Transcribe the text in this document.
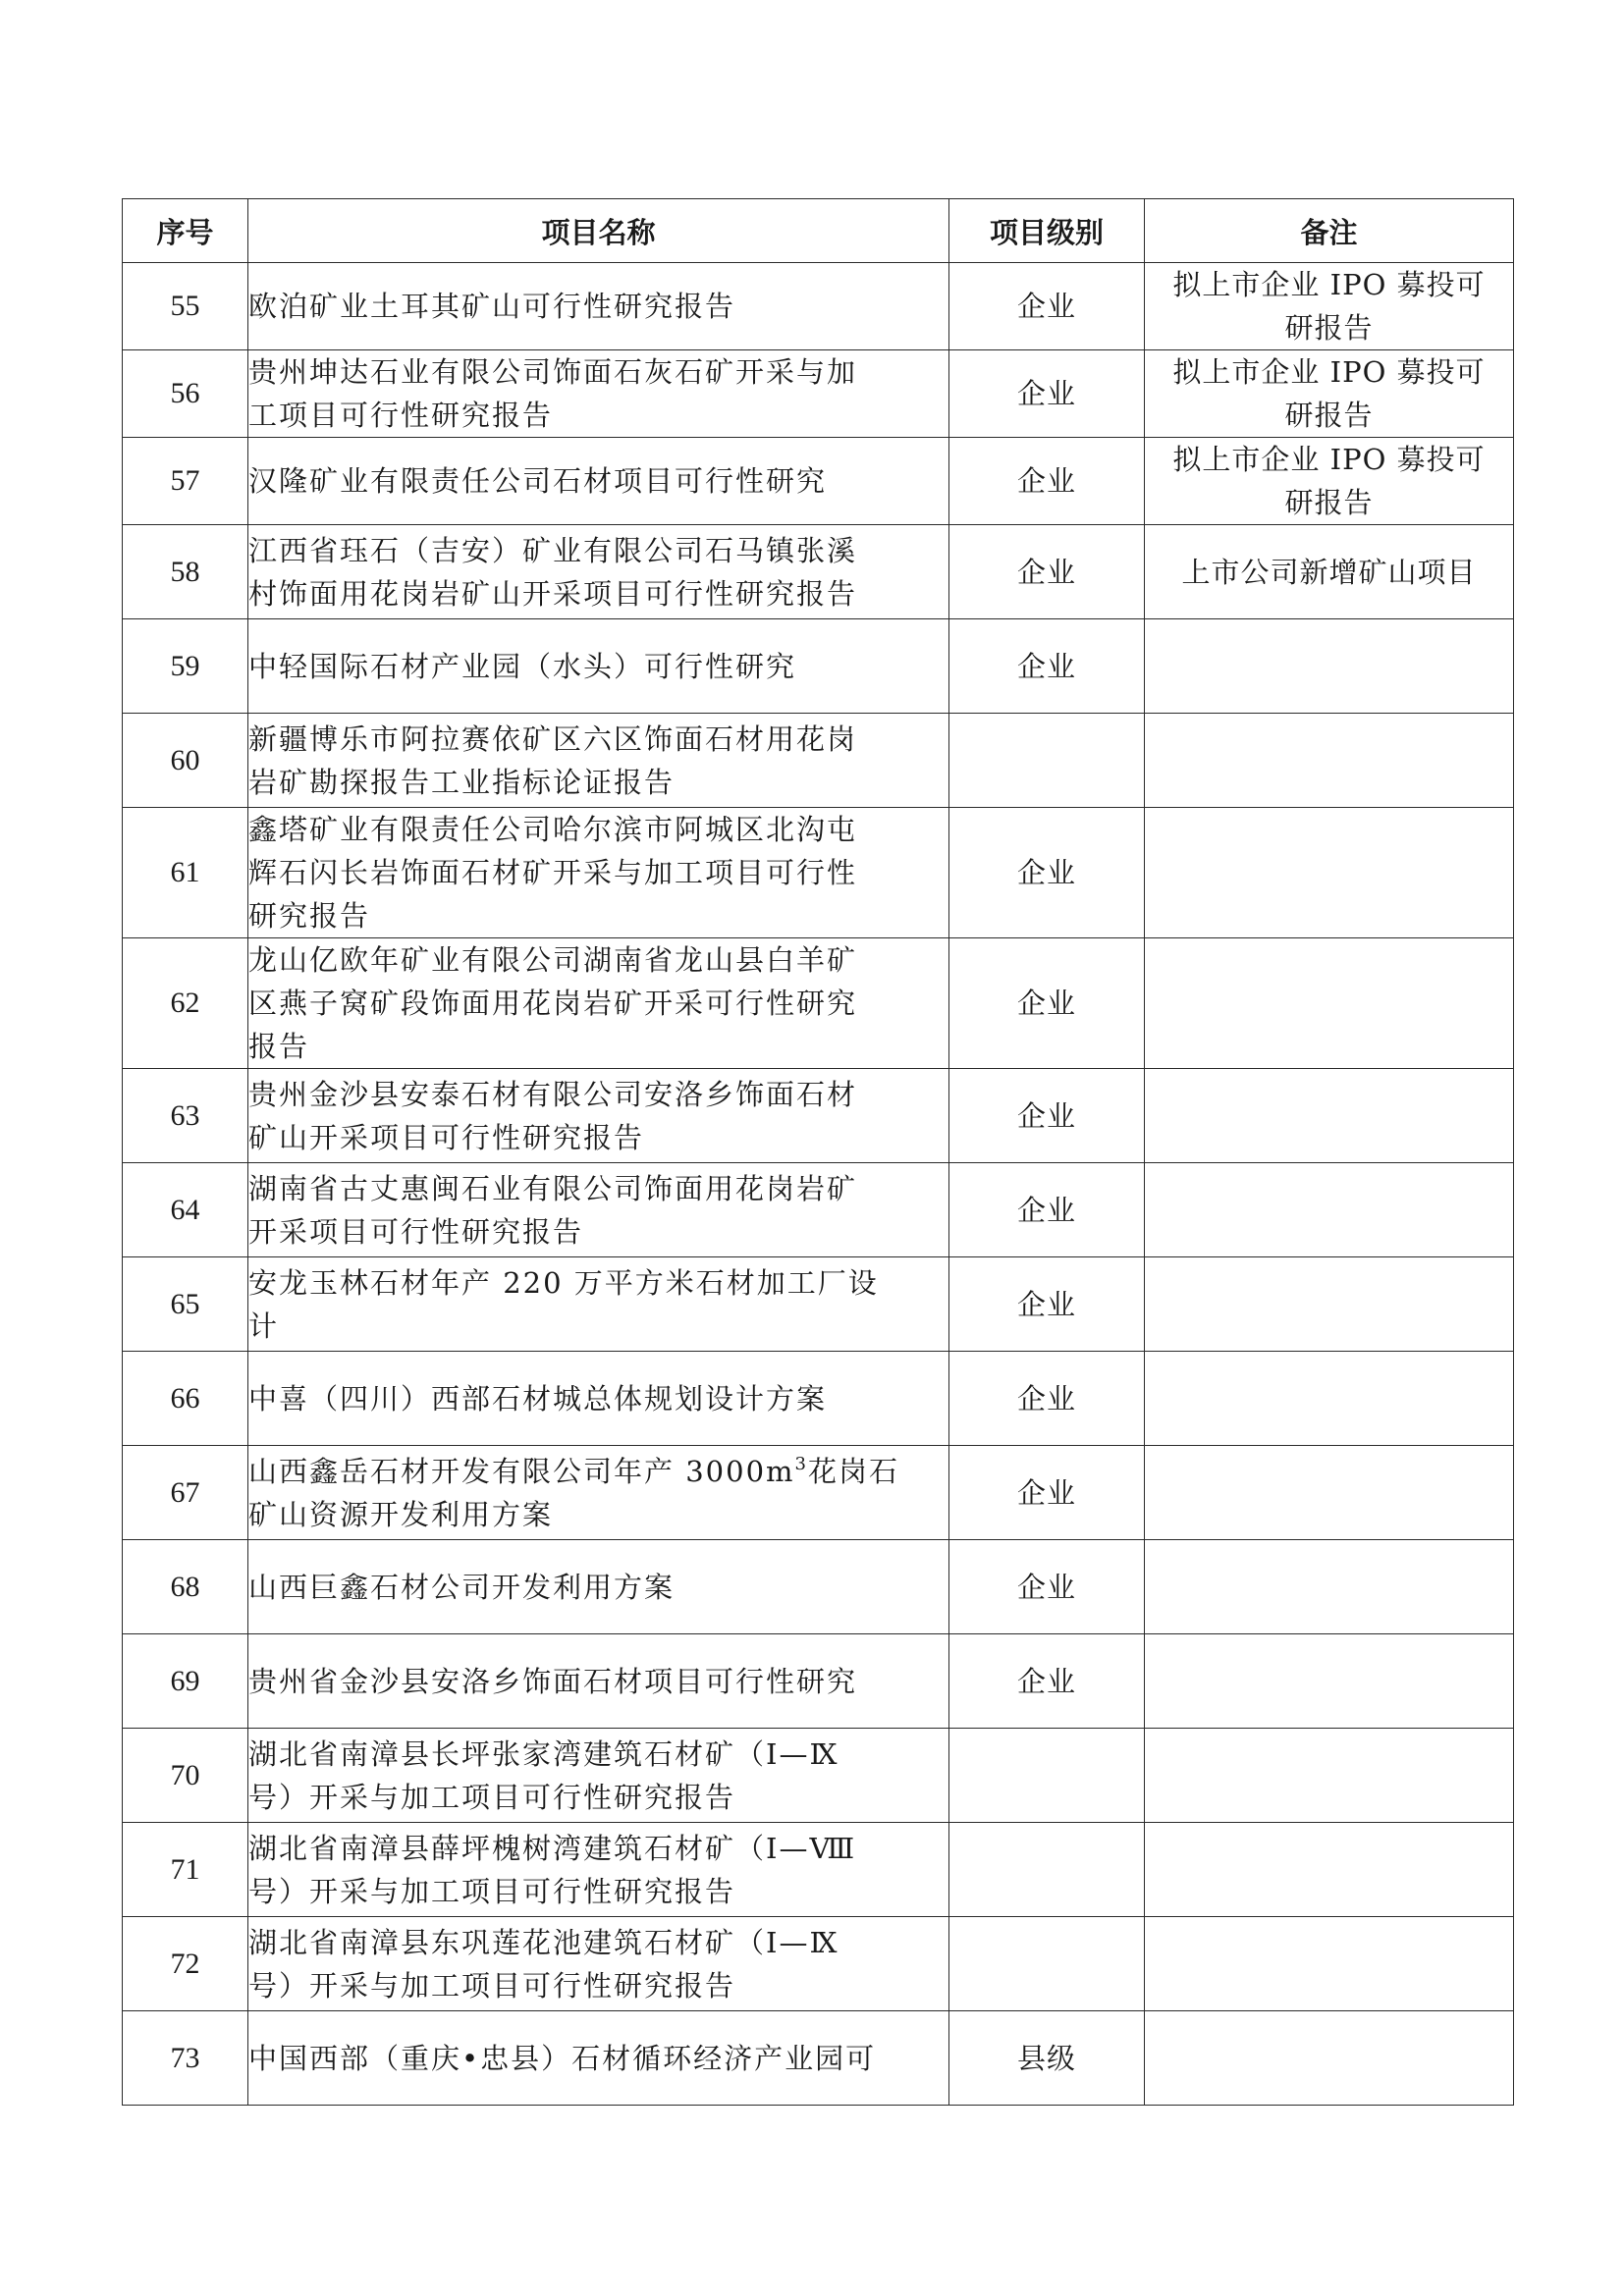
序号	项目名称	项目级别	备注
55	欧泊矿业土耳其矿山可行性研究报告	企业	拟上市企业 IPO 募投可
研报告

56	贵州坤达石业有限公司饰面石灰石矿开采与加
工项目可行性研究报告	企业	拟上市企业 IPO 募投可
研报告

57	汉隆矿业有限责任公司石材项目可行性研究	企业	拟上市企业 IPO 募投可
研报告

58	江西省珏石（吉安）矿业有限公司石马镇张溪
村饰面用花岗岩矿山开采项目可行性研究报告	企业	上市公司新增矿山项目

59	中轻国际石材产业园（水头）可行性研究	企业	
60	新疆博乐市阿拉赛依矿区六区饰面石材用花岗
岩矿勘探报告工业指标论证报告		

61	鑫塔矿业有限责任公司哈尔滨市阿城区北沟屯
辉石闪长岩饰面石材矿开采与加工项目可行性
研究报告	企业	
62	龙山亿欧年矿业有限公司湖南省龙山县白羊矿
区燕子窝矿段饰面用花岗岩矿开采可行性研究
报告	企业	
63	贵州金沙县安泰石材有限公司安洛乡饰面石材
矿山开采项目可行性研究报告	企业	
64	湖南省古丈惠闽石业有限公司饰面用花岗岩矿
开采项目可行性研究报告	企业	
65	安龙玉林石材年产 220 万平方米石材加工厂设
计	企业	
66	中喜（四川）西部石材城总体规划设计方案	企业	
67	山西鑫岳石材开发有限公司年产 $3000m^3$花岗石
矿山资源开发利用方案	企业	
68	山西巨鑫石材公司开发利用方案	企业	
69	贵州省金沙县安洛乡饰面石材项目可行性研究	企业	
70	湖北省南漳县长坪张家湾建筑石材矿（Ⅰ—Ⅸ
号）开采与加工项目可行性研究报告		

71	湖北省南漳县薛坪槐树湾建筑石材矿（Ⅰ—Ⅷ
号）开采与加工项目可行性研究报告		

72	湖北省南漳县东巩莲花池建筑石材矿（Ⅰ—Ⅸ
号）开采与加工项目可行性研究报告		

73	中国西部（重庆•忠县）石材循环经济产业园可	县级	
